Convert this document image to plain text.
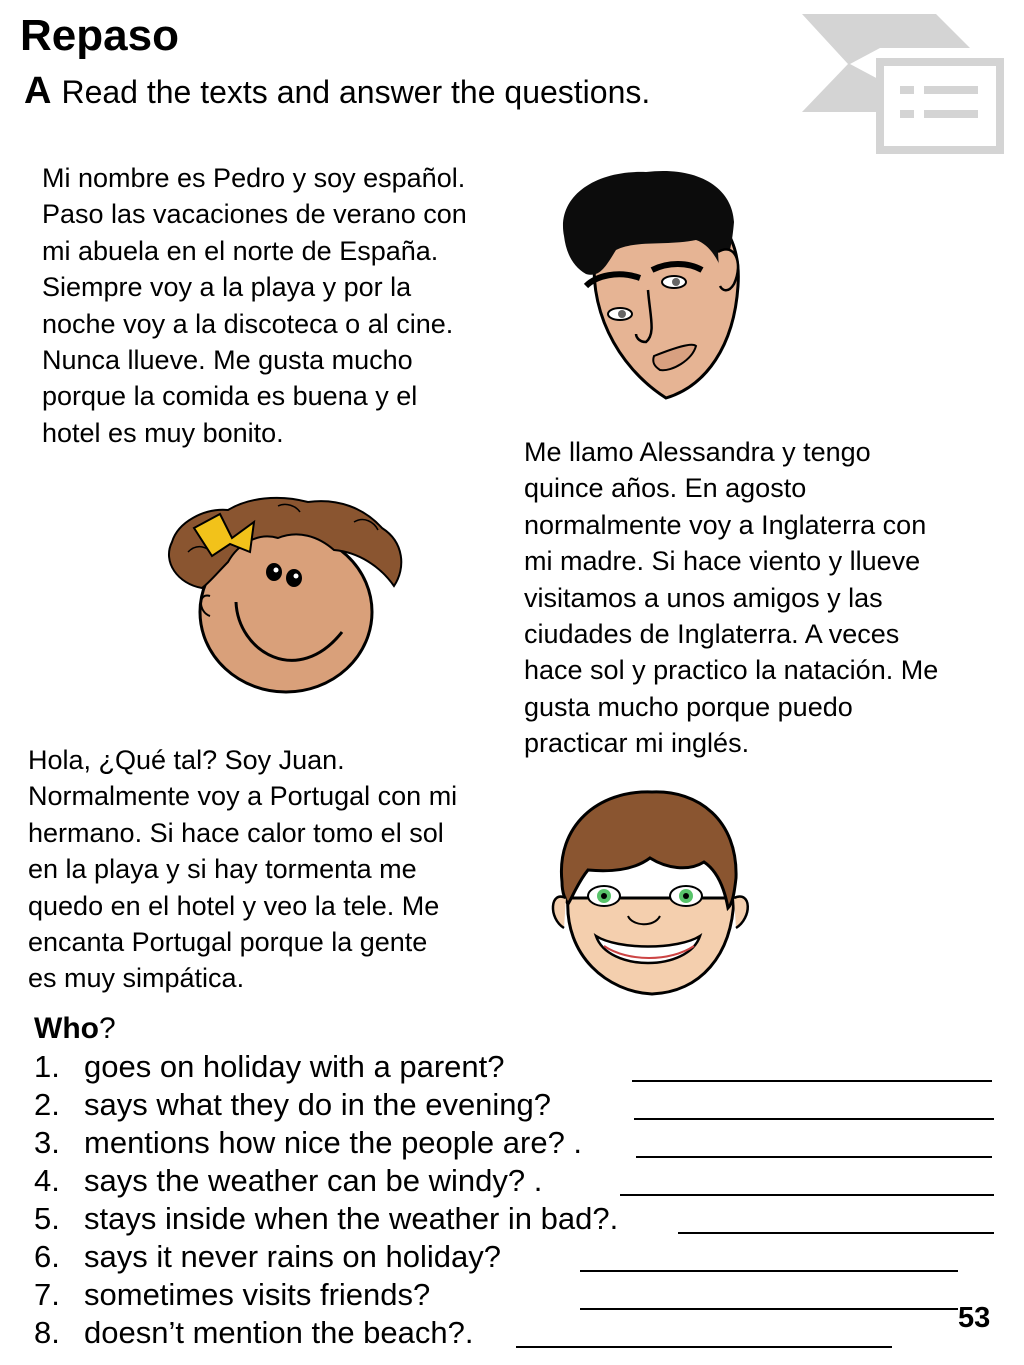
Repaso
A Read the texts and answer the questions.

Mi nombre es Pedro y soy español.
Paso las vacaciones de verano con
mi abuela en el norte de España.
Siempre voy a la playa y por la
noche voy a la discoteca o al cine.
Nunca llueve. Me gusta mucho
porque la comida es buena y el
hotel es muy bonito.

Me llamo Alessandra y tengo
quince años. En agosto
normalmente voy a Inglaterra con
mi madre. Si hace viento y llueve
visitamos a unos amigos y las
ciudades de Inglaterra. A veces
hace sol y practico la natación. Me
gusta mucho porque puedo
practicar mi inglés.

Hola, ¿Qué tal? Soy Juan.
Normalmente voy a Portugal con mi
hermano. Si hace calor tomo el sol
en la playa y si hay tormenta me
quedo en el hotel y veo la tele. Me
encanta Portugal porque la gente
es muy simpática.

Who?
1. goes on holiday with a parent?
2. says what they do in the evening?
3. mentions how nice the people are? .
4. says the weather can be windy? .
5. stays inside when the weather in bad?.
6. says it never rains on holiday?
7. sometimes visits friends?
8. doesn’t mention the beach?.	53
